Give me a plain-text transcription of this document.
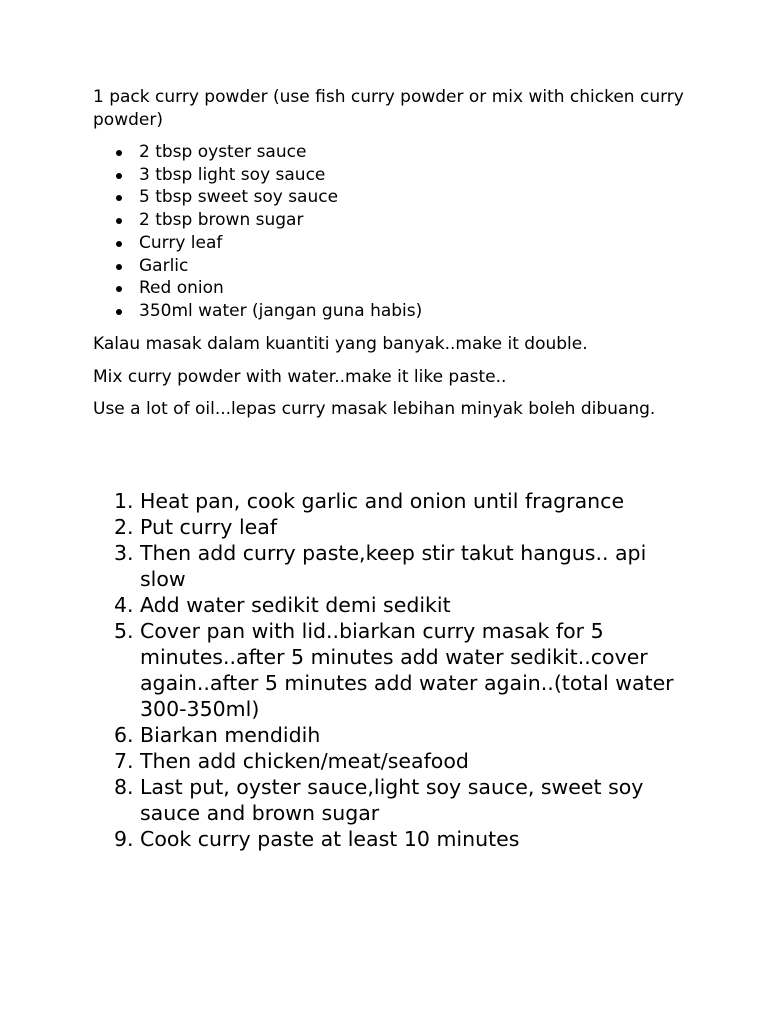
1 pack curry powder (use fish curry powder or mix with chicken curry powder)

2 tbsp oyster sauce
3 tbsp light soy sauce
5 tbsp sweet soy sauce
2 tbsp brown sugar
Curry leaf
Garlic
Red onion
350ml water (jangan guna habis)

Kalau masak dalam kuantiti yang banyak..make it double.

Mix curry powder with water..make it like paste..

Use a lot of oil...lepas curry masak lebihan minyak boleh dibuang.

1. Heat pan, cook garlic and onion until fragrance
2. Put curry leaf
3. Then add curry paste,keep stir takut hangus.. api slow
4. Add water sedikit demi sedikit
5. Cover pan with lid..biarkan curry masak for 5 minutes..after 5 minutes add water sedikit..cover again..after 5 minutes add water again..(total water 300-350ml)
6. Biarkan mendidih
7. Then add chicken/meat/seafood
8. Last put, oyster sauce,light soy sauce, sweet soy sauce and brown sugar
9. Cook curry paste at least 10 minutes
